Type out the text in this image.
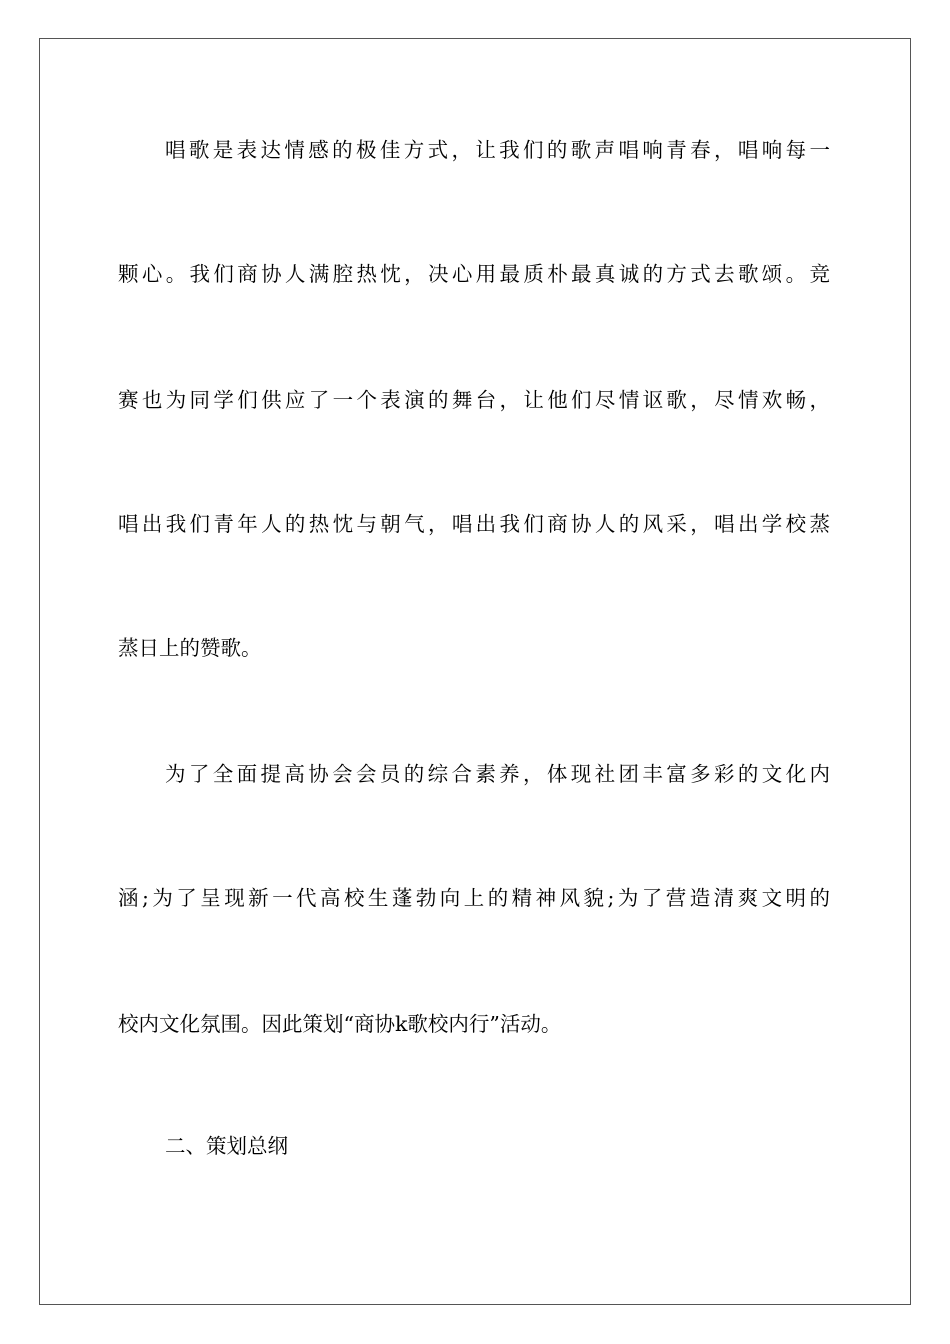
唱歌是表达情感的极佳方式，让我们的歌声唱响青春，唱响每一
颗心。我们商协人满腔热忱，决心用最质朴最真诚的方式去歌颂。竞
赛也为同学们供应了一个表演的舞台，让他们尽情讴歌，尽情欢畅，
唱出我们青年人的热忱与朝气，唱出我们商协人的风采，唱出学校蒸
蒸日上的赞歌。
为了全面提高协会会员的综合素养，体现社团丰富多彩的文化内
涵;为了呈现新一代高校生蓬勃向上的精神风貌;为了营造清爽文明的
校内文化氛围。因此策划“商协k歌校内行”活动。
二、策划总纲
